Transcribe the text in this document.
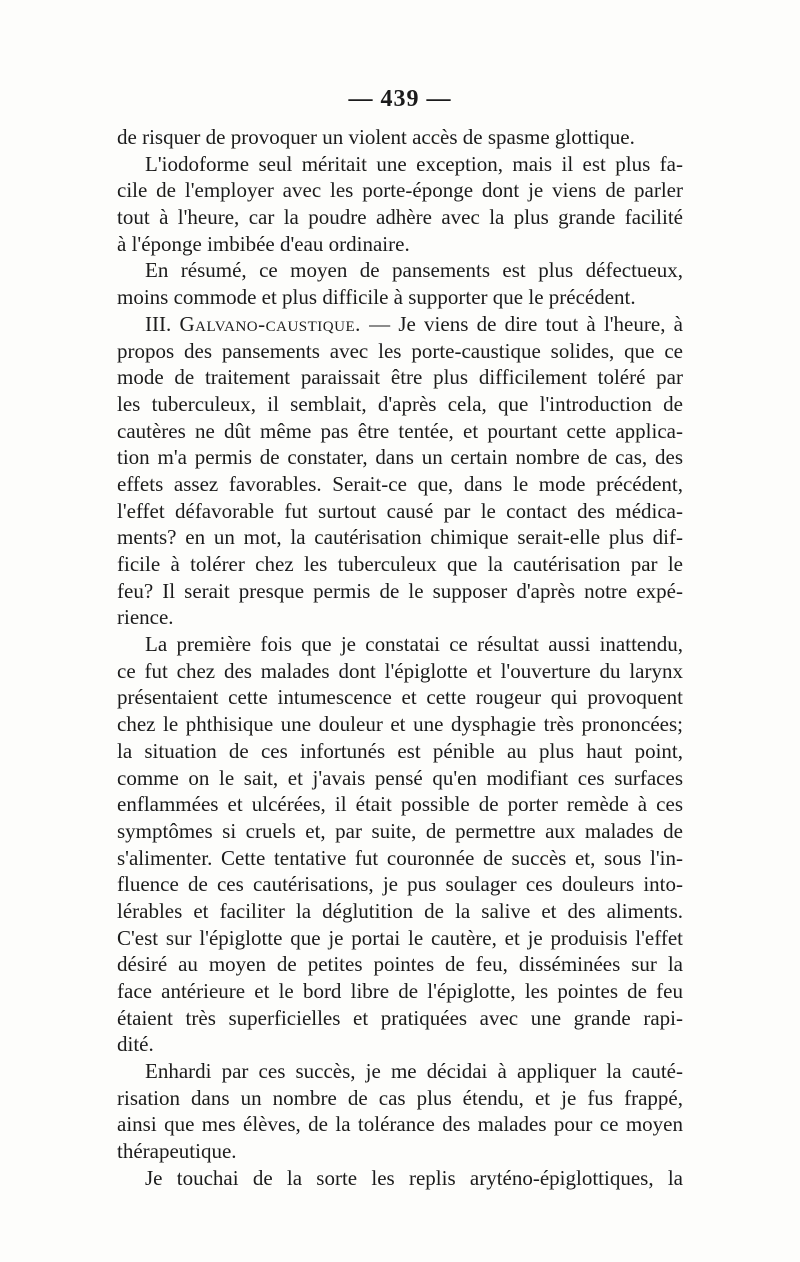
— 439 —
de risquer de provoquer un violent accès de spasme glottique.
L'iodoforme seul méritait une exception, mais il est plus fa-
cile de l'employer avec les porte-éponge dont je viens de parler
tout à l'heure, car la poudre adhère avec la plus grande facilité
à l'éponge imbibée d'eau ordinaire.
En résumé, ce moyen de pansements est plus défectueux,
moins commode et plus difficile à supporter que le précédent.
III. Galvano-caustique. — Je viens de dire tout à l'heure, à
propos des pansements avec les porte-caustique solides, que ce
mode de traitement paraissait être plus difficilement toléré par
les tuberculeux, il semblait, d'après cela, que l'introduction de
cautères ne dût même pas être tentée, et pourtant cette applica-
tion m'a permis de constater, dans un certain nombre de cas, des
effets assez favorables. Serait-ce que, dans le mode précédent,
l'effet défavorable fut surtout causé par le contact des médica-
ments? en un mot, la cautérisation chimique serait-elle plus dif-
ficile à tolérer chez les tuberculeux que la cautérisation par le
feu? Il serait presque permis de le supposer d'après notre expé-
rience.
La première fois que je constatai ce résultat aussi inattendu,
ce fut chez des malades dont l'épiglotte et l'ouverture du larynx
présentaient cette intumescence et cette rougeur qui provoquent
chez le phthisique une douleur et une dysphagie très prononcées;
la situation de ces infortunés est pénible au plus haut point,
comme on le sait, et j'avais pensé qu'en modifiant ces surfaces
enflammées et ulcérées, il était possible de porter remède à ces
symptômes si cruels et, par suite, de permettre aux malades de
s'alimenter. Cette tentative fut couronnée de succès et, sous l'in-
fluence de ces cautérisations, je pus soulager ces douleurs into-
lérables et faciliter la déglutition de la salive et des aliments.
C'est sur l'épiglotte que je portai le cautère, et je produisis l'effet
désiré au moyen de petites pointes de feu, disséminées sur la
face antérieure et le bord libre de l'épiglotte, les pointes de feu
étaient très superficielles et pratiquées avec une grande rapi-
dité.
Enhardi par ces succès, je me décidai à appliquer la cauté-
risation dans un nombre de cas plus étendu, et je fus frappé,
ainsi que mes élèves, de la tolérance des malades pour ce moyen
thérapeutique.
Je touchai de la sorte les replis aryténo-épiglottiques, la
